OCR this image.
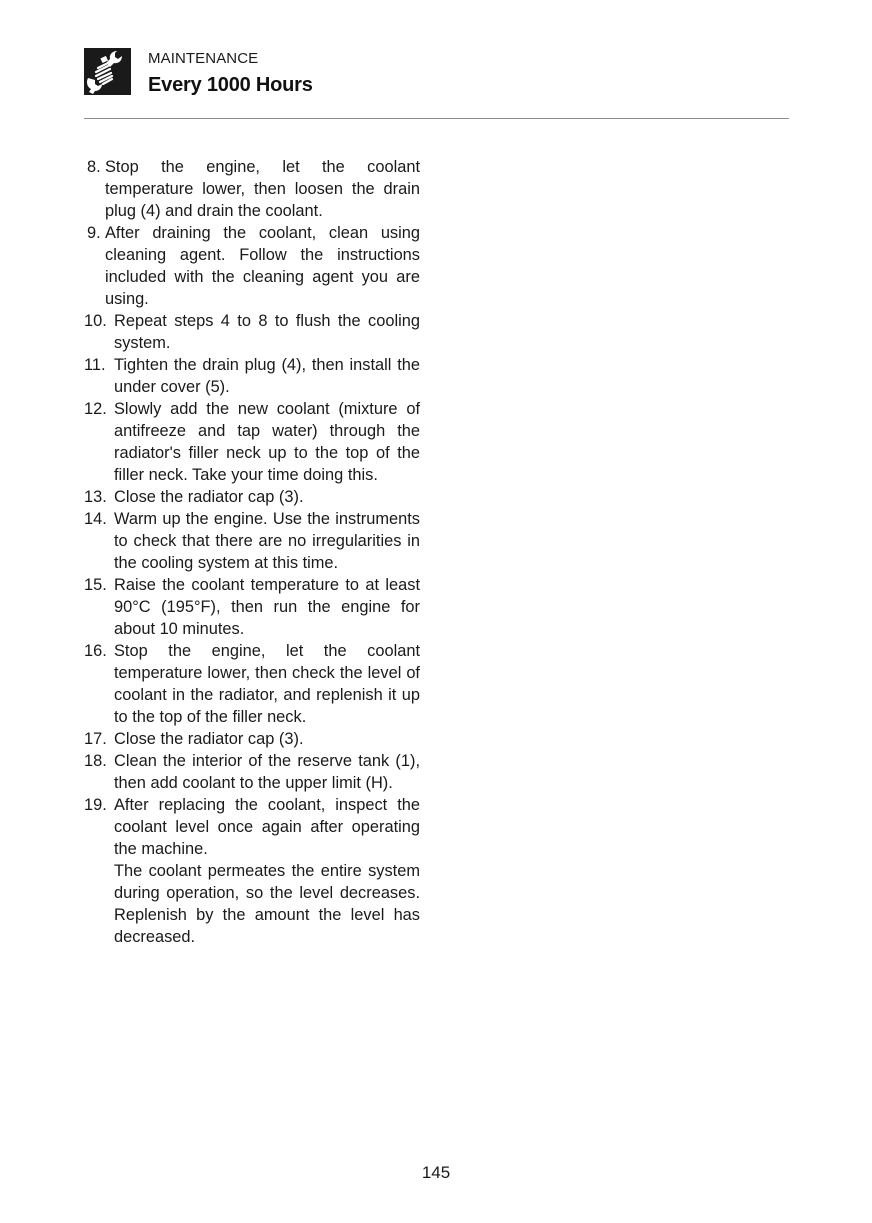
MAINTENANCE
Every 1000 Hours
8. Stop the engine, let the coolant temperature lower, then loosen the drain plug (4) and drain the coolant.
9. After draining the coolant, clean using cleaning agent. Follow the instructions included with the cleaning agent you are using.
10. Repeat steps 4 to 8 to flush the cooling system.
11. Tighten the drain plug (4), then install the under cover (5).
12. Slowly add the new coolant (mixture of antifreeze and tap water) through the radiator's filler neck up to the top of the filler neck. Take your time doing this.
13. Close the radiator cap (3).
14. Warm up the engine. Use the instruments to check that there are no irregularities in the cooling system at this time.
15. Raise the coolant temperature to at least 90°C (195°F), then run the engine for about 10 minutes.
16. Stop the engine, let the coolant temperature lower, then check the level of coolant in the radiator, and replenish it up to the top of the filler neck.
17. Close the radiator cap (3).
18. Clean the interior of the reserve tank (1), then add coolant to the upper limit (H).
19. After replacing the coolant, inspect the coolant level once again after operating the machine.
The coolant permeates the entire system during operation, so the level decreases. Replenish by the amount the level has decreased.
145
